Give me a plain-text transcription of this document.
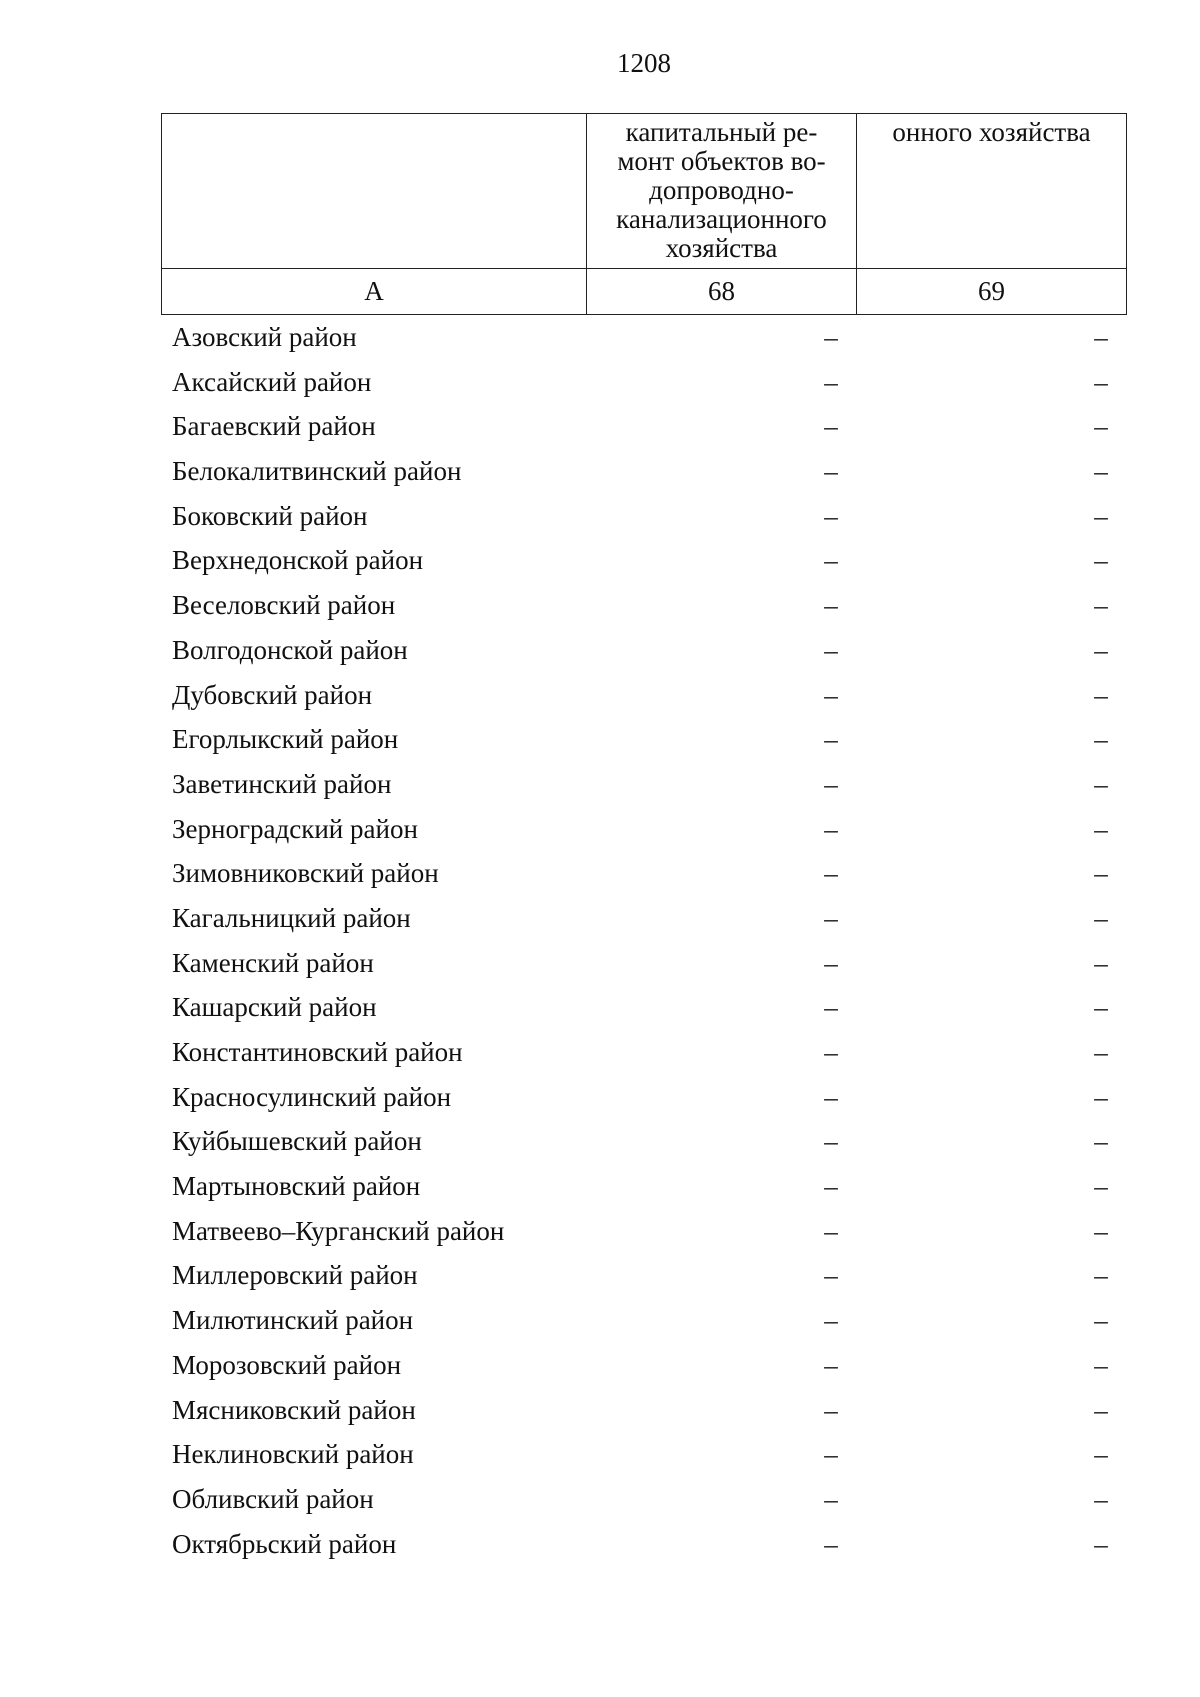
1208

	капитальный ре-
монт объектов во-
допроводно-
канализационного
хозяйства	онного хозяйства

А	68	69
Азовский район	–	–
Аксайский район	–	–
Багаевский район	–	–
Белокалитвинский район	–	–
Боковский район	–	–
Верхнедонской район	–	–
Веселовский район	–	–
Волгодонской район	–	–
Дубовский район	–	–
Егорлыкский район	–	–
Заветинский район	–	–
Зерноградский район	–	–
Зимовниковский район	–	–
Кагальницкий район	–	–
Каменский район	–	–
Кашарский район	–	–
Константиновский район	–	–
Красносулинский район	–	–
Куйбышевский район	–	–
Мартыновский район	–	–
Матвеево–Курганский район	–	–
Миллеровский район	–	–
Милютинский район	–	–
Морозовский район	–	–
Мясниковский район	–	–
Неклиновский район	–	–
Обливский район	–	–
Октябрьский район	–	–
